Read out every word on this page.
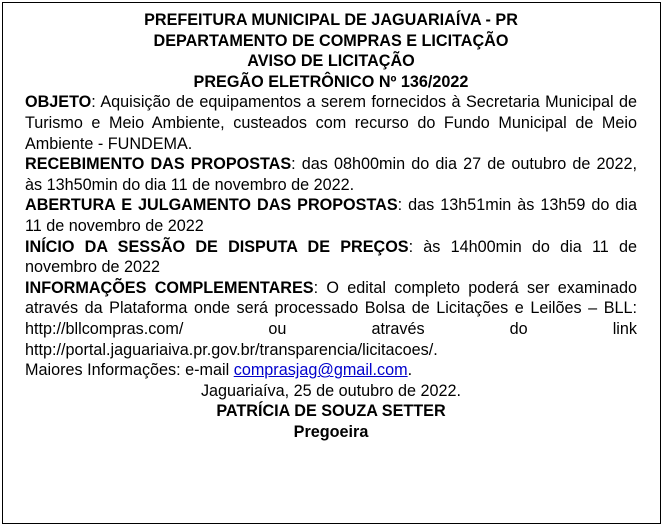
PREFEITURA MUNICIPAL DE JAGUARIAÍVA - PR
DEPARTAMENTO DE COMPRAS E LICITAÇÃO
AVISO DE LICITAÇÃO
PREGÃO ELETRÔNICO Nº 136/2022

OBJETO: Aquisição de equipamentos a serem fornecidos à Secretaria Municipal de Turismo e Meio Ambiente, custeados com recurso do Fundo Municipal de Meio Ambiente - FUNDEMA.

RECEBIMENTO DAS PROPOSTAS: das 08h00min do dia 27 de outubro de 2022, às 13h50min do dia 11 de novembro de 2022.

ABERTURA E JULGAMENTO DAS PROPOSTAS: das 13h51min às 13h59 do dia 11 de novembro de 2022

INÍCIO DA SESSÃO DE DISPUTA DE PREÇOS: às 14h00min do dia 11 de novembro de 2022

INFORMAÇÕES COMPLEMENTARES: O edital completo poderá ser examinado através da Plataforma onde será processado Bolsa de Licitações e Leilões – BLL: http://bllcompras.com/ ou através do link http://portal.jaguariaiva.pr.gov.br/transparencia/licitacoes/.
Maiores Informações: e-mail comprasjag@gmail.com.

Jaguariaíva, 25 de outubro de 2022.
PATRÍCIA DE SOUZA SETTER
Pregoeira
